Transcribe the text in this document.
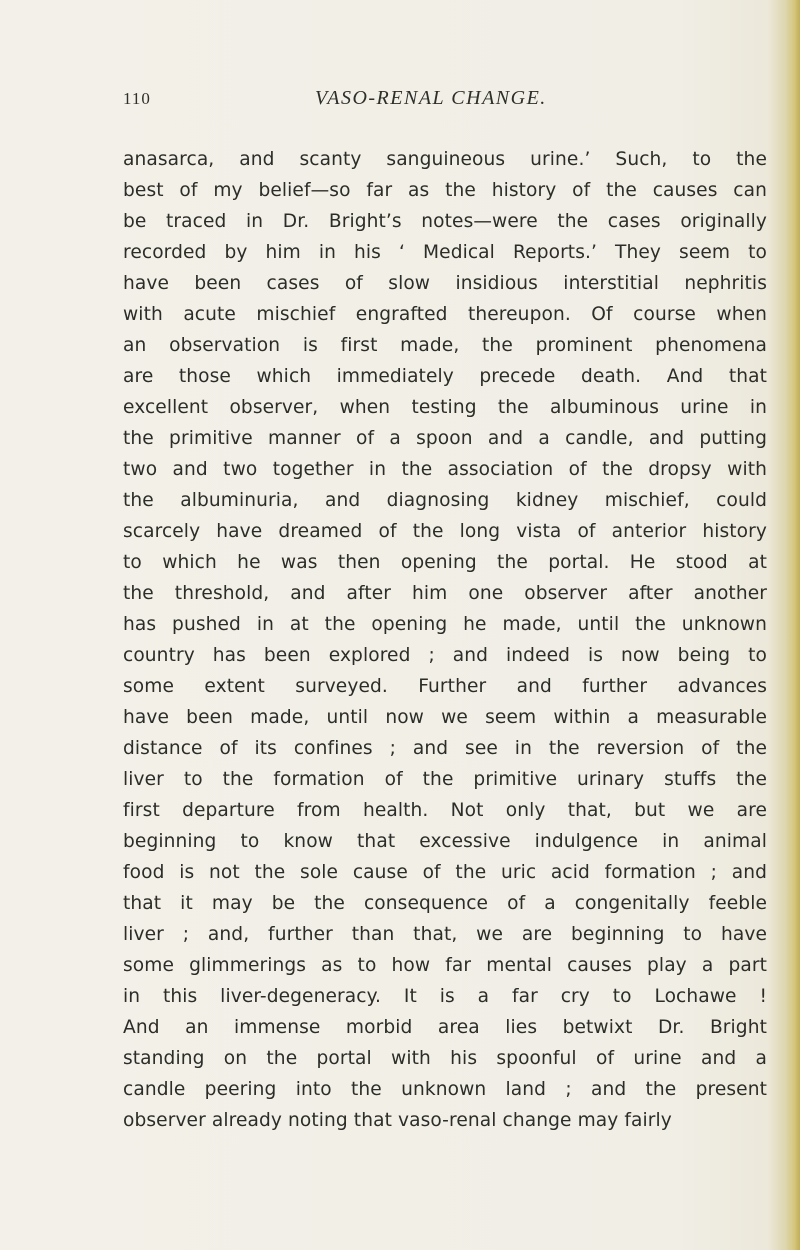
110	VASO-RENAL CHANGE.
anasarca, and scanty sanguineous urine.’ Such, to the
best of my belief—so far as the history of the causes can
be traced in Dr. Bright’s notes—were the cases originally
recorded by him in his ‘ Medical Reports.’ They seem to
have been cases of slow insidious interstitial nephritis
with acute mischief engrafted thereupon. Of course when
an observation is first made, the prominent phenomena
are those which immediately precede death. And that
excellent observer, when testing the albuminous urine in
the primitive manner of a spoon and a candle, and putting
two and two together in the association of the dropsy with
the albuminuria, and diagnosing kidney mischief, could
scarcely have dreamed of the long vista of anterior history
to which he was then opening the portal. He stood at
the threshold, and after him one observer after another
has pushed in at the opening he made, until the unknown
country has been explored ; and indeed is now being to
some extent surveyed. Further and further advances
have been made, until now we seem within a measurable
distance of its confines ; and see in the reversion of the
liver to the formation of the primitive urinary stuffs the
first departure from health. Not only that, but we are
beginning to know that excessive indulgence in animal
food is not the sole cause of the uric acid formation ; and
that it may be the consequence of a congenitally feeble
liver ; and, further than that, we are beginning to have
some glimmerings as to how far mental causes play a part
in this liver-degeneracy. It is a far cry to Lochawe !
And an immense morbid area lies betwixt Dr. Bright
standing on the portal with his spoonful of urine and a
candle peering into the unknown land ; and the present
observer already noting that vaso-renal change may fairly
